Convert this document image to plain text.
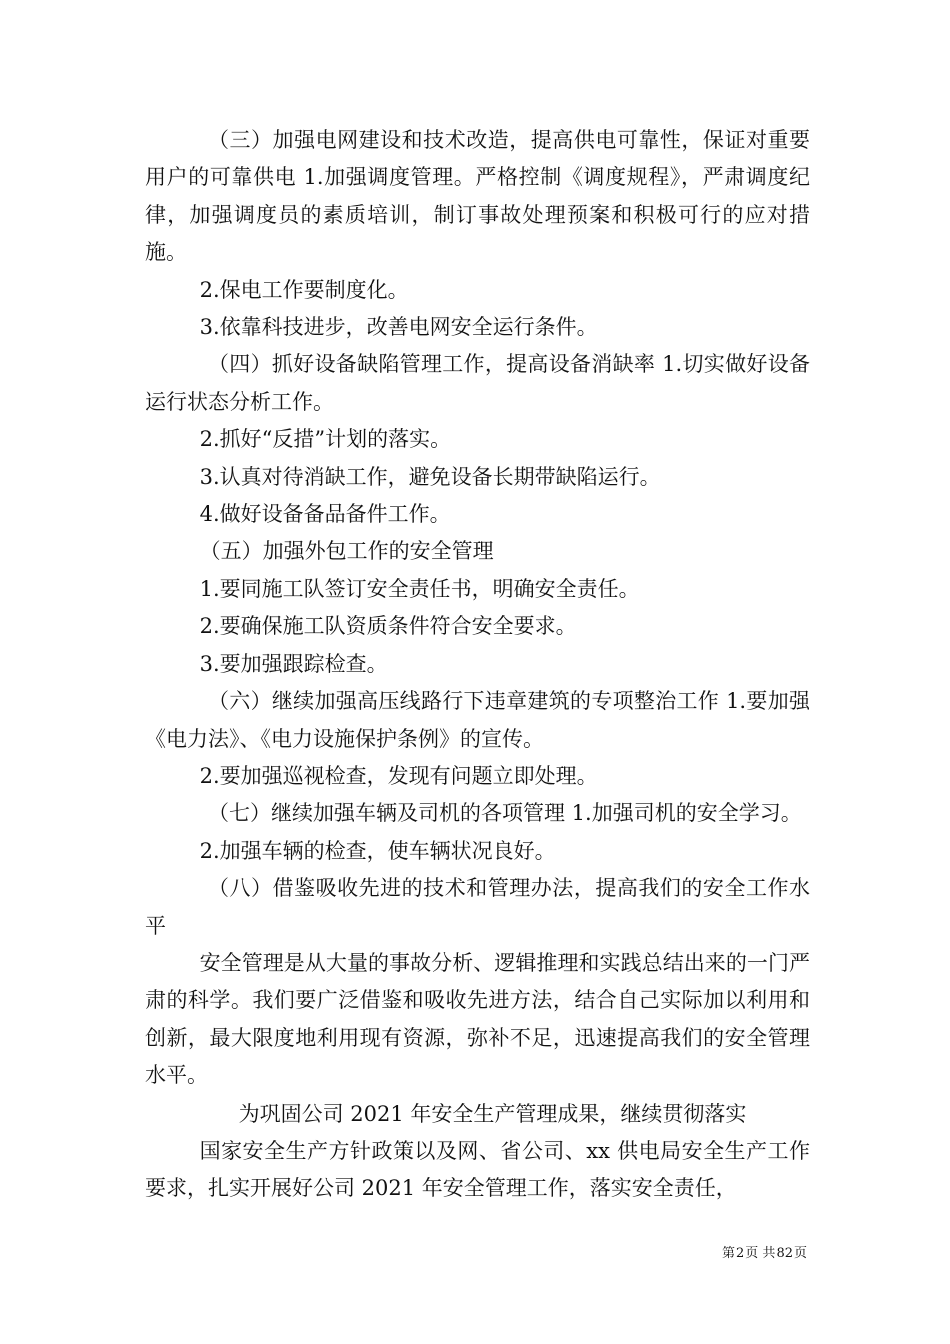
（三）加强电网建设和技术改造，提高供电可靠性，保证对重要用户的可靠供电 1.加强调度管理。严格控制《调度规程》，严肃调度纪律，加强调度员的素质培训，制订事故处理预案和积极可行的应对措施。

2.保电工作要制度化。

3.依靠科技进步，改善电网安全运行条件。

（四）抓好设备缺陷管理工作，提高设备消缺率 1.切实做好设备运行状态分析工作。

2.抓好“反措”计划的落实。

3.认真对待消缺工作，避免设备长期带缺陷运行。

4.做好设备备品备件工作。

（五）加强外包工作的安全管理

1.要同施工队签订安全责任书，明确安全责任。

2.要确保施工队资质条件符合安全要求。

3.要加强跟踪检查。

（六）继续加强高压线路行下违章建筑的专项整治工作 1.要加强《电力法》、《电力设施保护条例》的宣传。

2.要加强巡视检查，发现有问题立即处理。

（七）继续加强车辆及司机的各项管理 1.加强司机的安全学习。

2.加强车辆的检查，使车辆状况良好。

（八）借鉴吸收先进的技术和管理办法，提高我们的安全工作水平

安全管理是从大量的事故分析、逻辑推理和实践总结出来的一门严肃的科学。我们要广泛借鉴和吸收先进方法，结合自己实际加以利用和创新，最大限度地利用现有资源，弥补不足，迅速提高我们的安全管理水平。

为巩固公司 2021 年安全生产管理成果，继续贯彻落实

国家安全生产方针政策以及网、省公司、xx 供电局安全生产工作要求，扎实开展好公司 2021 年安全管理工作，落实安全责任，

第2页 共82页
